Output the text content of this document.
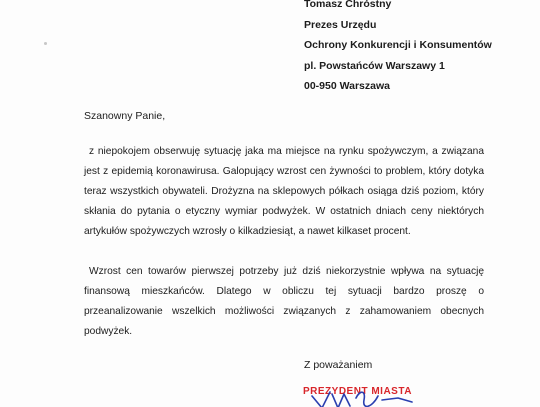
Tomasz Chróstny
Prezes Urzędu
Ochrony Konkurencji i Konsumentów
pl. Powstańców Warszawy 1
00-950 Warszawa
Szanowny Panie,
z niepokojem obserwuję sytuację jaka ma miejsce na rynku spożywczym, a związana jest z epidemią koronawirusa. Galopujący wzrost cen żywności to problem, który dotyka teraz wszystkich obywateli. Drożyzna na sklepowych półkach osiąga dziś poziom, który skłania do pytania o etyczny wymiar podwyżek. W ostatnich dniach ceny niektórych artykułów spożywczych wzrosły o kilkadziesiąt, a nawet kilkaset procent.
Wzrost cen towarów pierwszej potrzeby już dziś niekorzystnie wpływa na sytuację finansową mieszkańców. Dlatego w obliczu tej sytuacji bardzo proszę o przeanalizowanie wszelkich możliwości związanych z zahamowaniem obecnych podwyżek.
Z poważaniem
PREZYDENT MIASTA
